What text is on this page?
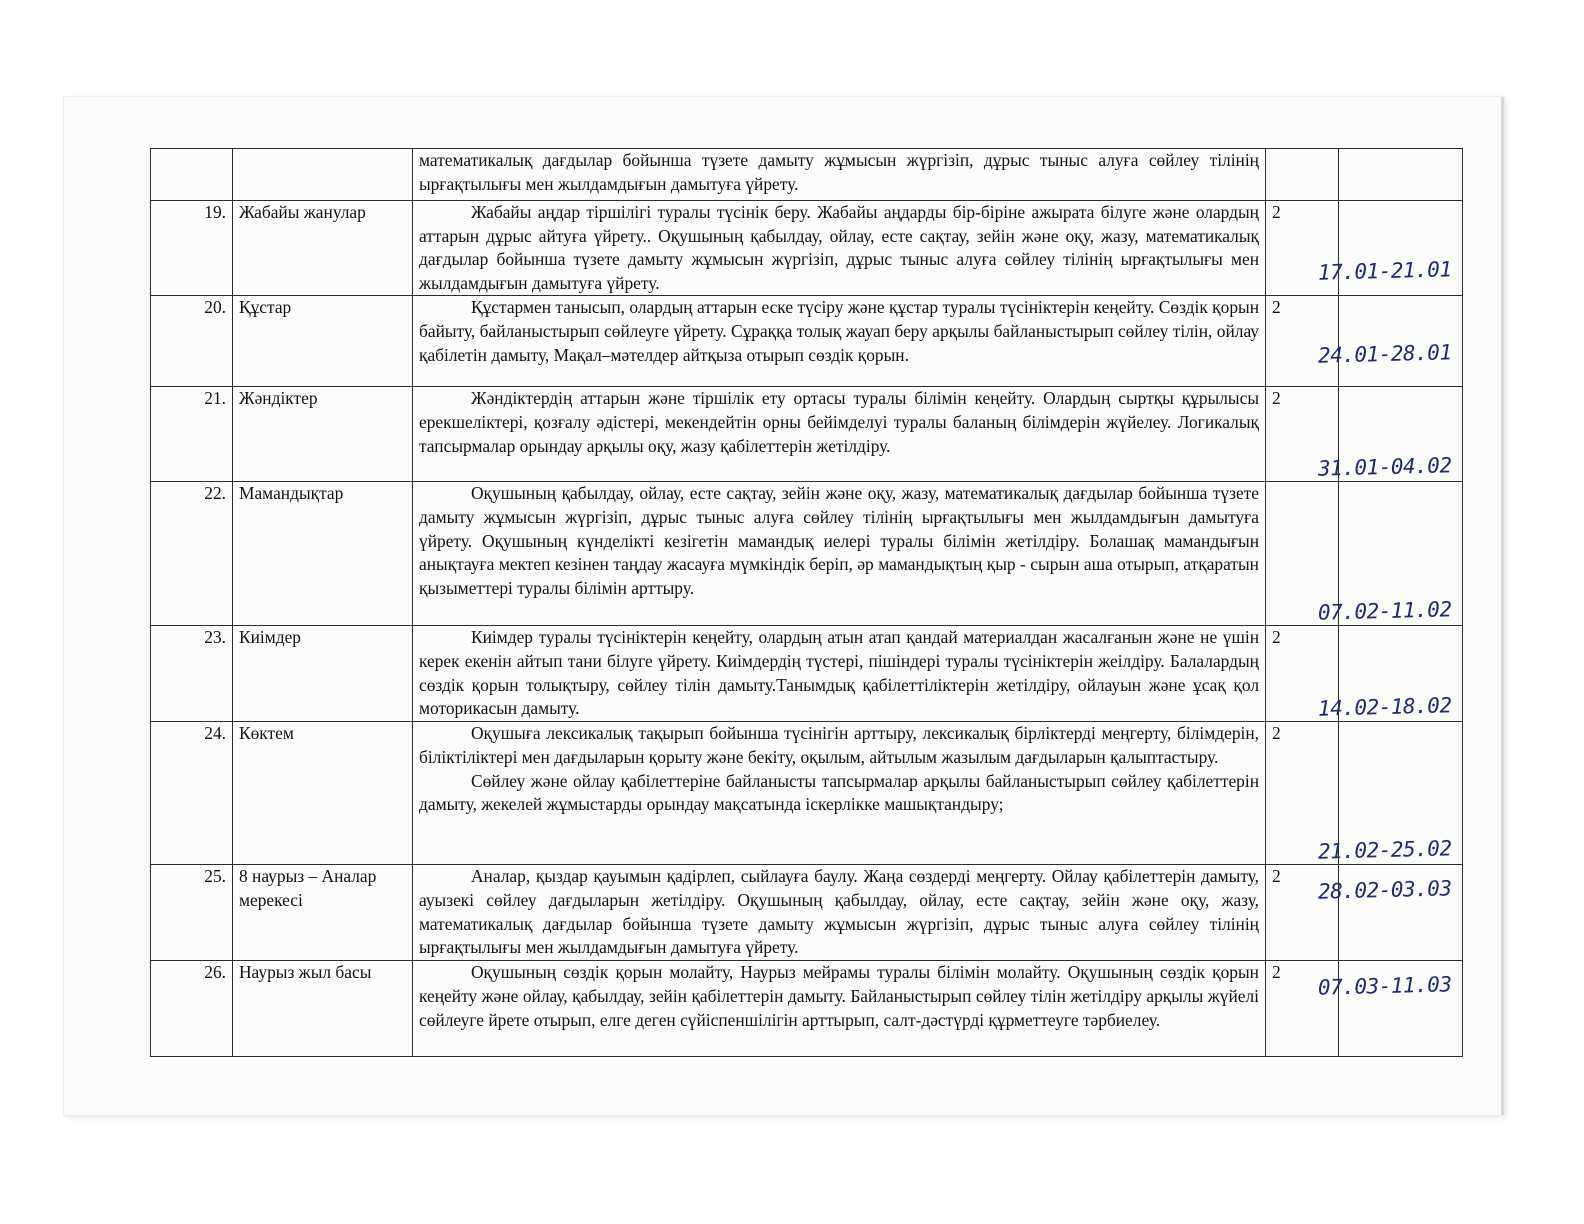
		математикалық дағдылар бойынша түзете дамыту жұмысын жүргізіп, дұрыс тыныс алуға сөйлеу тілінің ырғақтылығы мен жылдамдығын дамытуға үйрету.		

19.	Жабайы жанулар	Жабайы аңдар тіршілігі туралы түсінік беру. Жабайы аңдарды бір-біріне ажырата білуге және олардың аттарын дұрыс айтуға үйрету.. Оқушының қабылдау, ойлау, есте сақтау, зейін және оқу, жазу, математикалық дағдылар бойынша түзете дамыту жұмысын жүргізіп, дұрыс тыныс алуға сөйлеу тілінің ырғақтылығы мен жылдамдығын дамытуға үйрету.	2	17.01-21.01

20.	Құстар	Құстармен танысып, олардың аттарын еске түсіру және құстар туралы түсініктерін кеңейту. Сөздік қорын байыту, байланыстырып сөйлеуге үйрету. Сұраққа толық жауап беру арқылы байланыстырып сөйлеу тілін, ойлау қабілетін дамыту, Мақал–мәтелдер айтқыза отырып сөздік қорын.	2	24.01-28.01

21.	Жәндіктер	Жәндіктердің аттарын және тіршілік ету ортасы туралы білімін кеңейту. Олардың сыртқы құрылысы ерекшеліктері, қозғалу әдістері, мекендейтін орны бейімделуі туралы баланың білімдерін жүйелеу. Логикалық тапсырмалар орындау арқылы оқу, жазу қабілеттерін жетілдіру.	2	31.01-04.02

22.	Мамандықтар	Оқушының қабылдау, ойлау, есте сақтау, зейін және оқу, жазу, математикалық дағдылар бойынша түзете дамыту жұмысын жүргізіп, дұрыс тыныс алуға сөйлеу тілінің ырғақтылығы мен жылдамдығын дамытуға үйрету. Оқушының күнделікті кезігетін мамандық иелері туралы білімін жетілдіру. Болашақ мамандығын анықтауға мектеп кезінен таңдау жасауға мүмкіндік беріп, әр мамандықтың қыр - сырын аша отырып, атқаратын қызыметтері туралы білімін арттыру.		07.02-11.02

23.	Киімдер	Киімдер туралы түсініктерін кеңейту, олардың атын атап қандай материалдан жасалғанын және не үшін керек екенін айтып тани білуге үйрету. Киімдердің түстері, пішіндері туралы түсініктерін жеілдіру. Балалардың сөздік қорын толықтыру, сөйлеу тілін дамыту.Танымдық қабілеттіліктерін жетілдіру, ойлауын және ұсақ қол моторикасын дамыту.	2	14.02-18.02

24.	Көктем	Оқушыға лексикалық тақырып бойынша түсінігін арттыру, лексикалық бірліктерді меңгерту, білімдерін, біліктіліктері мен дағдыларын қорыту және бекіту, оқылым, айтылым жазылым дағдыларын қалыптастыру.
Сөйлеу және ойлау қабілеттеріне байланысты тапсырмалар арқылы байланыстырып сөйлеу қабілеттерін дамыту, жекелей жұмыстарды орындау мақсатында іскерлікке машықтандыру;	2	21.02-25.02

25.	8 наурыз – Аналар мерекесі	Аналар, қыздар қауымын қадірлеп, сыйлауға баулу. Жаңа сөздерді меңгерту. Ойлау қабілеттерін дамыту, ауызекі сөйлеу дағдыларын жетілдіру. Оқушының қабылдау, ойлау, есте сақтау, зейін және оқу, жазу, математикалық дағдылар бойынша түзете дамыту жұмысын жүргізіп, дұрыс тыныс алуға сөйлеу тілінің ырғақтылығы мен жылдамдығын дамытуға үйрету.	2	28.02-03.03

26.	Наурыз жыл басы	Оқушының сөздік қорын молайту, Наурыз мейрамы туралы білімін молайту. Оқушының сөздік қорын кеңейту және ойлау, қабылдау, зейін қабілеттерін дамыту. Байланыстырып сөйлеу тілін жетілдіру арқылы жүйелі сөйлеуге йрете отырып, елге деген сүйіспеншілігін арттырып, салт-дәстүрді құрметтеуге тәрбиелеу.	2	07.03-11.03
